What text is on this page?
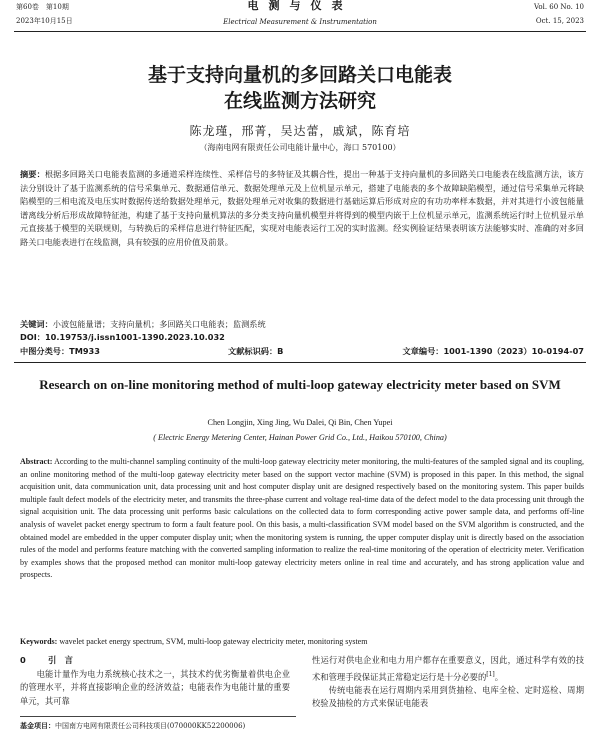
第60卷　第10期	电测与仪表	Vol. 60 No. 10
2023年10月15日	Electrical Measurement & Instrumentation	Oct. 15, 2023
基于支持向量机的多回路关口电能表
在线监测方法研究
陈龙瑾，邢菁，吴达蕾，戚斌，陈育培
（海南电网有限责任公司电能计量中心，海口 570100）
摘要：根据多回路关口电能表监测的多通道采样连续性、采样信号的多特征及其耦合性，提出一种基于支持向量机的多回路关口电能表在线监测方法，该方法分别设计了基于监测系统的信号采集单元、数据通信单元、数据处理单元及上位机显示单元，搭建了电能表的多个故障缺陷模型，通过信号采集单元将缺陷模型的三相电流及电压实时数据传送给数据处理单元，数据处理单元对收集的数据进行基础运算后形成对应的有功功率样本数据，并对其进行小波包能量谱离线分析后形成故障特征池，构建了基于支持向量机算法的多分类支持向量机模型并将得到的模型内嵌于上位机显示单元，监测系统运行时上位机显示单元直接基于模型的关联规则，与转换后的采样信息进行特征匹配，实现对电能表运行工况的实时监测。经实例验证结果表明该方法能够实时、准确的对多回路关口电能表进行在线监测，具有较强的应用价值及前景。
关键词：小波包能量谱；支持向量机；多回路关口电能表；监测系统
DOI：10.19753/j.issn1001-1390.2023.10.032
中图分类号：TM933	文献标识码：B	文章编号：1001-1390（2023）10-0194-07
Research on on-line monitoring method of multi-loop gateway electricity meter based on SVM
Chen Longjin, Xing Jing, Wu Dalei, Qi Bin, Chen Yupei
( Electric Energy Metering Center, Hainan Power Grid Co., Ltd., Haikou 570100, China)
Abstract: According to the multi-channel sampling continuity of the multi-loop gateway electricity meter monitoring, the multi-features of the sampled signal and its coupling, an online monitoring method of the multi-loop gateway electricity meter based on the support vector machine (SVM) is proposed in this paper. In this method, the signal acquisition unit, data communication unit, data processing unit and host computer display unit are designed respectively based on the monitoring system. This paper builds multiple fault defect models of the electricity meter, and transmits the three-phase current and voltage real-time data of the defect model to the data processing unit through the signal acquisition unit. The data processing unit performs basic calculations on the collected data to form corresponding active power sample data, and performs off-line analysis of wavelet packet energy spectrum to form a fault feature pool. On this basis, a multi-classification SVM model based on the SVM algorithm is constructed, and the obtained model are embedded in the upper computer display unit; when the monitoring system is running, the upper computer display unit is directly based on the association rules of the model and performs feature matching with the converted sampling information to realize the real-time monitoring of the operation of electricity meter. Verification by examples shows that the proposed method can monitor multi-loop gateway electricity meters online in real time and accurately, and has strong application value and prospects.
Keywords: wavelet packet energy spectrum, SVM, multi-loop gateway electricity meter, monitoring system
0	引　言

电能计量作为电力系统核心技术之一，其技术约优劣衡量着供电企业的管理水平，并将直接影响企业的经济效益；电能表作为电能计量的重要单元，其可靠

性运行对供电企业和电力用户都存在重要意义，因此，通过科学有效的技术和管理手段保证其正常稳定运行是十分必要的[1]。

传统电能表在运行周期内采用到货抽检、电库全检、定时巡检、周期校验及抽检的方式来保证电能表

基金项目：中国南方电网有限责任公司科技项目(070000KK52200006)
